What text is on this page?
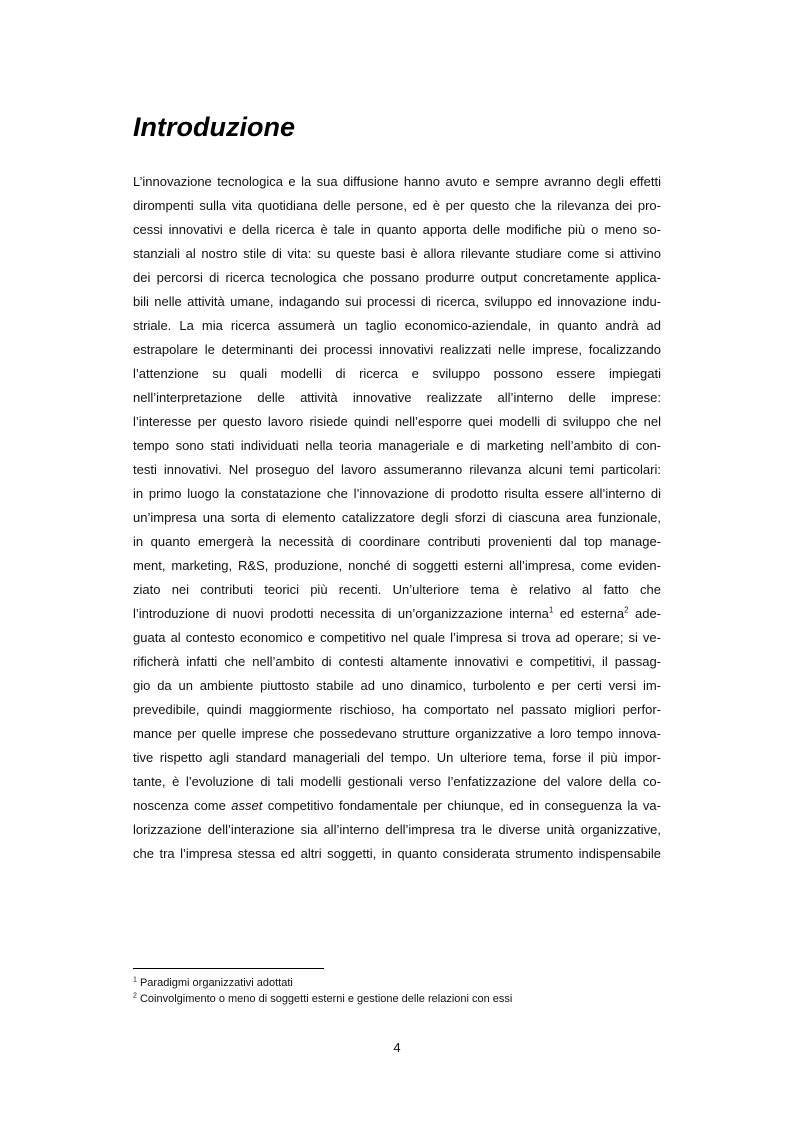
Introduzione
L’innovazione tecnologica e la sua diffusione hanno avuto e sempre avranno degli effetti
dirompenti sulla vita quotidiana delle persone, ed è per questo che la rilevanza dei pro-
cessi innovativi e della ricerca è tale in quanto apporta delle modifiche più o meno so-
stanziali al nostro stile di vita: su queste basi è allora rilevante studiare come si attivino
dei percorsi di ricerca tecnologica che possano produrre output concretamente applica-
bili nelle attività umane, indagando sui processi di ricerca, sviluppo ed innovazione indu-
striale. La mia ricerca assumerà un taglio economico-aziendale, in quanto andrà ad
estrapolare le determinanti dei processi innovativi realizzati nelle imprese, focalizzando
l’attenzione su quali modelli di ricerca e sviluppo possono essere impiegati
nell’interpretazione delle attività innovative realizzate all’interno delle imprese:
l’interesse per questo lavoro risiede quindi nell’esporre quei modelli di sviluppo che nel
tempo sono stati individuati nella teoria manageriale e di marketing nell’ambito di con-
testi innovativi. Nel proseguo del lavoro assumeranno rilevanza alcuni temi particolari:
in primo luogo la constatazione che l’innovazione di prodotto risulta essere all’interno di
un’impresa una sorta di elemento catalizzatore degli sforzi di ciascuna area funzionale,
in quanto emergerà la necessità di coordinare contributi provenienti dal top manage-
ment, marketing, R&S, produzione, nonché di soggetti esterni all’impresa, come eviden-
ziato nei contributi teorici più recenti. Un’ulteriore tema è relativo al fatto che
l’introduzione di nuovi prodotti necessita di un’organizzazione interna$^1$ ed esterna$^2$ ade-
guata al contesto economico e competitivo nel quale l’impresa si trova ad operare; si ve-
rificherà infatti che nell’ambito di contesti altamente innovativi e competitivi, il passag-
gio da un ambiente piuttosto stabile ad uno dinamico, turbolento e per certi versi im-
prevedibile, quindi maggiormente rischioso, ha comportato nel passato migliori perfor-
mance per quelle imprese che possedevano strutture organizzative a loro tempo innova-
tive rispetto agli standard manageriali del tempo. Un ulteriore tema, forse il più impor-
tante, è l’evoluzione di tali modelli gestionali verso l’enfatizzazione del valore della co-
noscenza come asset competitivo fondamentale per chiunque, ed in conseguenza la va-
lorizzazione dell’interazione sia all’interno dell’impresa tra le diverse unità organizzative,
che tra l’impresa stessa ed altri soggetti, in quanto considerata strumento indispensabile
$^1$ Paradigmi organizzativi adottati
$^2$ Coinvolgimento o meno di soggetti esterni e gestione delle relazioni con essi
4
